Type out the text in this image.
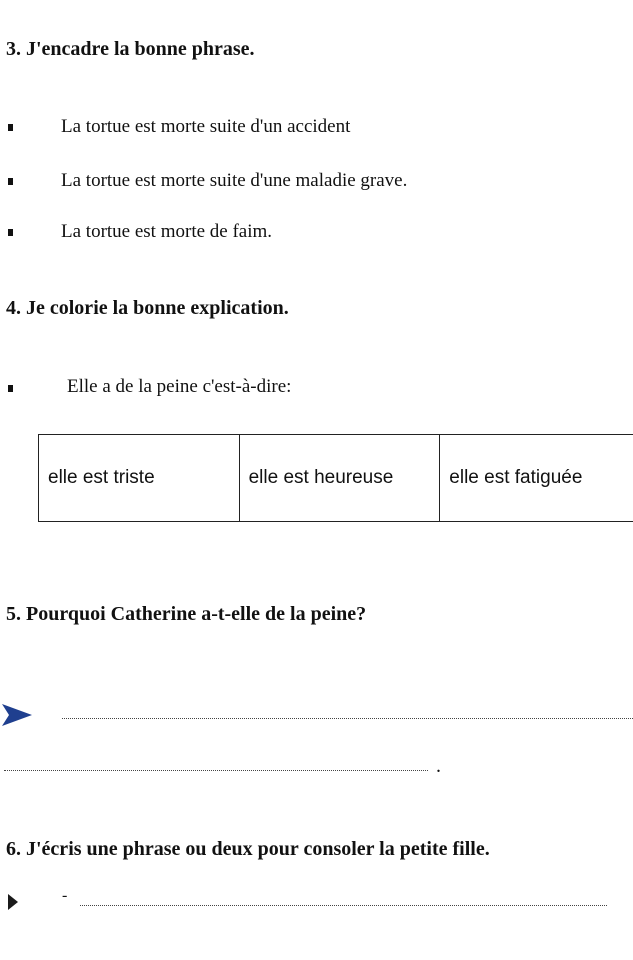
3. J'encadre la bonne phrase.
La tortue est morte suite d'un accident
La tortue est morte suite d'une maladie grave.
La tortue est morte de faim.
4. Je colorie la bonne explication.
Elle a de la peine c'est-à-dire:
elle est triste	elle est heureuse	elle est fatiguée
5. Pourquoi Catherine a-t-elle de la peine?
.
6. J'écris une phrase ou deux pour consoler la petite fille.
-
